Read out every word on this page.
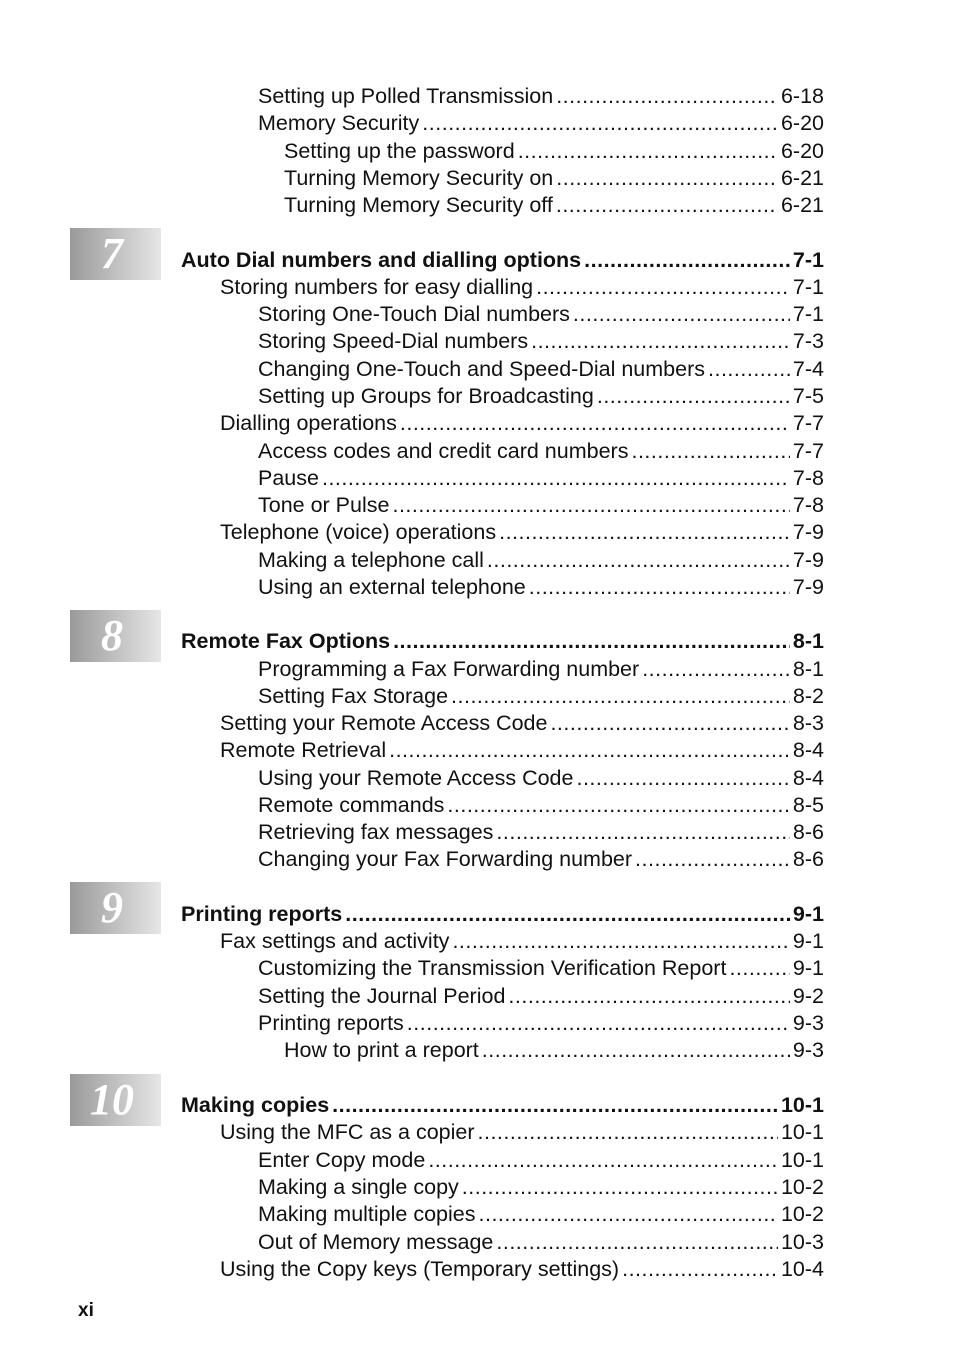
7
8
9
10
Setting up Polled Transmission .....	6-18
Memory Security .....	6-20
Setting up the password .....	6-20
Turning Memory Security on .....	6-21
Turning Memory Security off .....	6-21
Auto Dial numbers and dialling options .....	7-1
Storing numbers for easy dialling .....	7-1
Storing One-Touch Dial numbers .....	7-1
Storing Speed-Dial numbers .....	7-3
Changing One-Touch and Speed-Dial numbers .....	7-4
Setting up Groups for Broadcasting .....	7-5
Dialling operations .....	7-7
Access codes and credit card numbers .....	7-7
Pause .....	7-8
Tone or Pulse .....	7-8
Telephone (voice) operations .....	7-9
Making a telephone call .....	7-9
Using an external telephone .....	7-9
Remote Fax Options .....	8-1
Programming a Fax Forwarding number .....	8-1
Setting Fax Storage .....	8-2
Setting your Remote Access Code .....	8-3
Remote Retrieval .....	8-4
Using your Remote Access Code .....	8-4
Remote commands .....	8-5
Retrieving fax messages .....	8-6
Changing your Fax Forwarding number .....	8-6
Printing reports .....	9-1
Fax settings and activity .....	9-1
Customizing the Transmission Verification Report .....	9-1
Setting the Journal Period .....	9-2
Printing reports .....	9-3
How to print a report .....	9-3
Making copies .....	10-1
Using the MFC as a copier .....	10-1
Enter Copy mode .....	10-1
Making a single copy .....	10-2
Making multiple copies .....	10-2
Out of Memory message .....	10-3
Using the Copy keys (Temporary settings) .....	10-4
xi
